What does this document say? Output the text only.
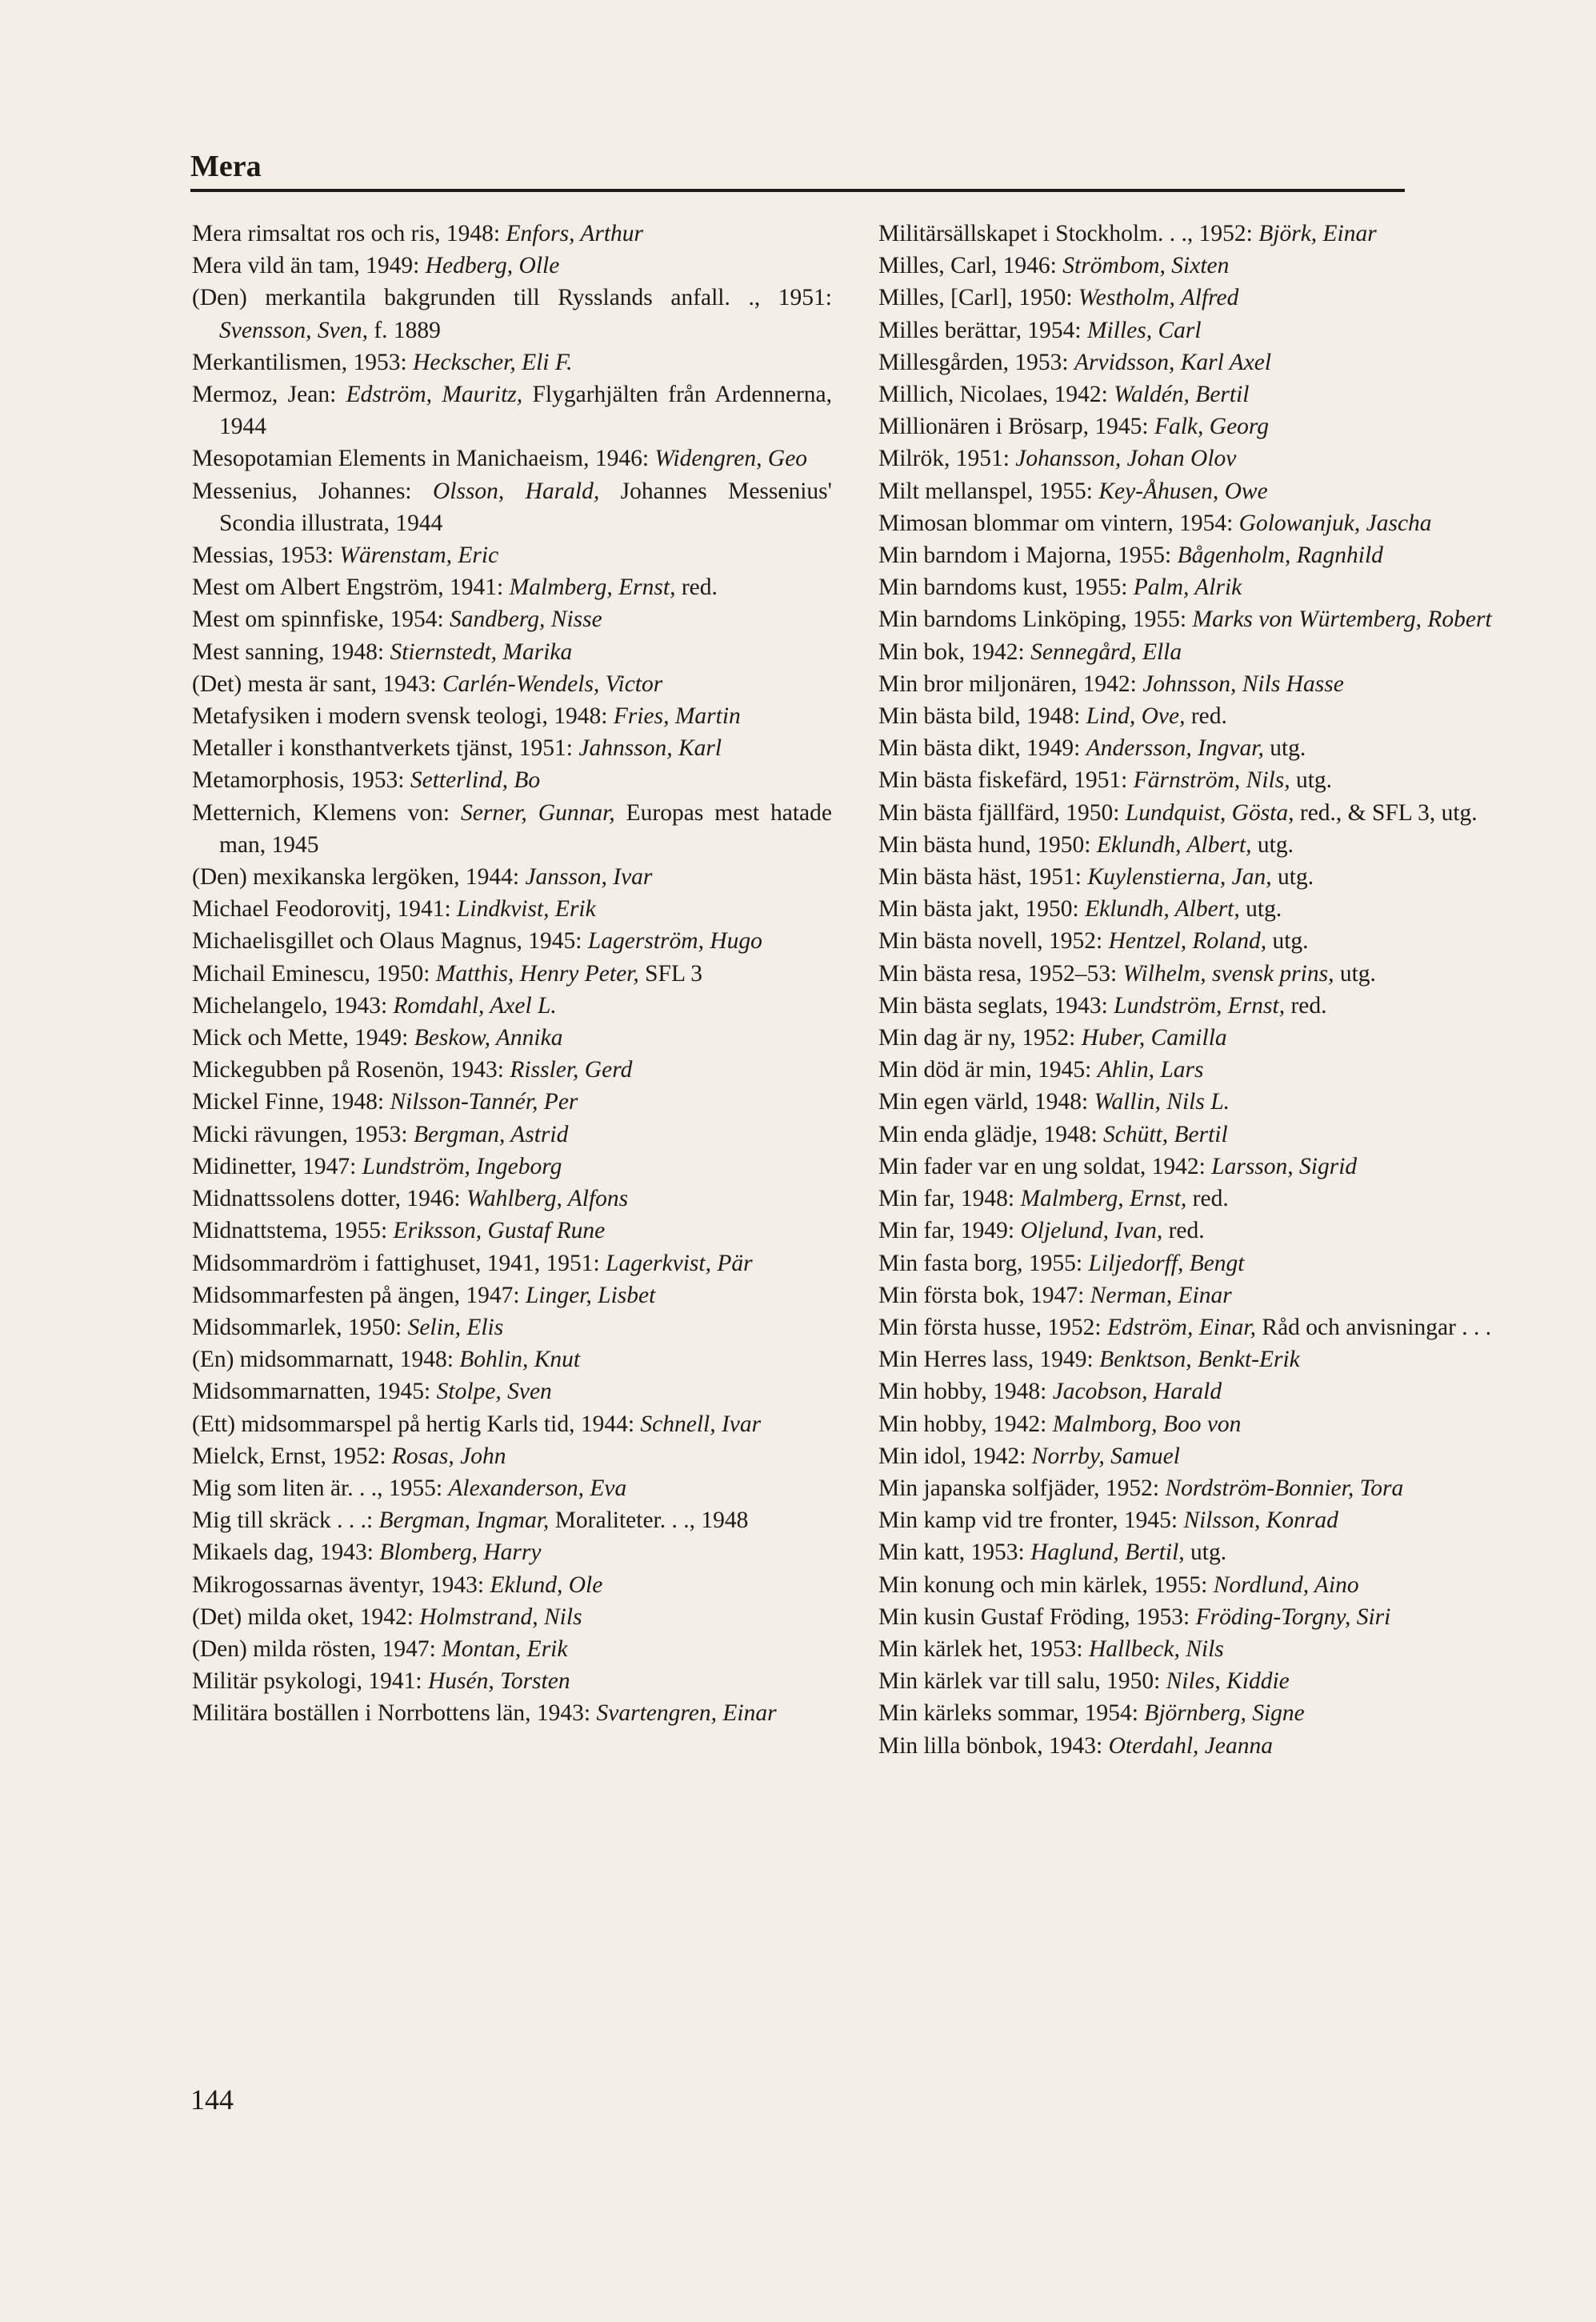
Mera
Mera rimsaltat ros och ris, 1948: Enfors, Arthur
Mera vild än tam, 1949: Hedberg, Olle
(Den) merkantila bakgrunden till Rysslands anfall. ., 1951: Svensson, Sven, f. 1889
Merkantilismen, 1953: Heckscher, Eli F.
Mermoz, Jean: Edström, Mauritz, Flygarhjälten från Ardennerna, 1944
Mesopotamian Elements in Manichaeism, 1946: Widengren, Geo
Messenius, Johannes: Olsson, Harald, Johannes Messenius' Scondia illustrata, 1944
Messias, 1953: Wärenstam, Eric
Mest om Albert Engström, 1941: Malmberg, Ernst, red.
Mest om spinnfiske, 1954: Sandberg, Nisse
Mest sanning, 1948: Stiernstedt, Marika
(Det) mesta är sant, 1943: Carlén-Wendels, Victor
Metafysiken i modern svensk teologi, 1948: Fries, Martin
Metaller i konsthantverkets tjänst, 1951: Jahnsson, Karl
Metamorphosis, 1953: Setterlind, Bo
Metternich, Klemens von: Serner, Gunnar, Europas mest hatade man, 1945
(Den) mexikanska lergöken, 1944: Jansson, Ivar
Michael Feodorovitj, 1941: Lindkvist, Erik
Michaelisgillet och Olaus Magnus, 1945: Lagerström, Hugo
Michail Eminescu, 1950: Matthis, Henry Peter, SFL 3
Michelangelo, 1943: Romdahl, Axel L.
Mick och Mette, 1949: Beskow, Annika
Mickegubben på Rosenön, 1943: Rissler, Gerd
Mickel Finne, 1948: Nilsson-Tannér, Per
Micki rävungen, 1953: Bergman, Astrid
Midinetter, 1947: Lundström, Ingeborg
Midnattssolens dotter, 1946: Wahlberg, Alfons
Midnattstema, 1955: Eriksson, Gustaf Rune
Midsommardröm i fattighuset, 1941, 1951: Lagerkvist, Pär
Midsommarfesten på ängen, 1947: Linger, Lisbet
Midsommarlek, 1950: Selin, Elis
(En) midsommarnatt, 1948: Bohlin, Knut
Midsommarnatten, 1945: Stolpe, Sven
(Ett) midsommarspel på hertig Karls tid, 1944: Schnell, Ivar
Mielck, Ernst, 1952: Rosas, John
Mig som liten är. . ., 1955: Alexanderson, Eva
Mig till skräck . . .: Bergman, Ingmar, Moraliteter. . ., 1948
Mikaels dag, 1943: Blomberg, Harry
Mikrogossarnas äventyr, 1943: Eklund, Ole
(Det) milda oket, 1942: Holmstrand, Nils
(Den) milda rösten, 1947: Montan, Erik
Militär psykologi, 1941: Husén, Torsten
Militära boställen i Norrbottens län, 1943: Svartengren, Einar
Militärsällskapet i Stockholm. . ., 1952: Björk, Einar
Milles, Carl, 1946: Strömbom, Sixten
Milles, [Carl], 1950: Westholm, Alfred
Milles berättar, 1954: Milles, Carl
Millesgården, 1953: Arvidsson, Karl Axel
Millich, Nicolaes, 1942: Waldén, Bertil
Millionären i Brösarp, 1945: Falk, Georg
Milrök, 1951: Johansson, Johan Olov
Milt mellanspel, 1955: Key-Åhusen, Owe
Mimosan blommar om vintern, 1954: Golowanjuk, Jascha
Min barndom i Majorna, 1955: Bågenholm, Ragnhild
Min barndoms kust, 1955: Palm, Alrik
Min barndoms Linköping, 1955: Marks von Würtemberg, Robert
Min bok, 1942: Sennegård, Ella
Min bror miljonären, 1942: Johnsson, Nils Hasse
Min bästa bild, 1948: Lind, Ove, red.
Min bästa dikt, 1949: Andersson, Ingvar, utg.
Min bästa fiskefärd, 1951: Färnström, Nils, utg.
Min bästa fjällfärd, 1950: Lundquist, Gösta, red., & SFL 3, utg.
Min bästa hund, 1950: Eklundh, Albert, utg.
Min bästa häst, 1951: Kuylenstierna, Jan, utg.
Min bästa jakt, 1950: Eklundh, Albert, utg.
Min bästa novell, 1952: Hentzel, Roland, utg.
Min bästa resa, 1952–53: Wilhelm, svensk prins, utg.
Min bästa seglats, 1943: Lundström, Ernst, red.
Min dag är ny, 1952: Huber, Camilla
Min död är min, 1945: Ahlin, Lars
Min egen värld, 1948: Wallin, Nils L.
Min enda glädje, 1948: Schütt, Bertil
Min fader var en ung soldat, 1942: Larsson, Sigrid
Min far, 1948: Malmberg, Ernst, red.
Min far, 1949: Oljelund, Ivan, red.
Min fasta borg, 1955: Liljedorff, Bengt
Min första bok, 1947: Nerman, Einar
Min första husse, 1952: Edström, Einar, Råd och anvisningar . . .
Min Herres lass, 1949: Benktson, Benkt-Erik
Min hobby, 1948: Jacobson, Harald
Min hobby, 1942: Malmborg, Boo von
Min idol, 1942: Norrby, Samuel
Min japanska solfjäder, 1952: Nordström-Bonnier, Tora
Min kamp vid tre fronter, 1945: Nilsson, Konrad
Min katt, 1953: Haglund, Bertil, utg.
Min konung och min kärlek, 1955: Nordlund, Aino
Min kusin Gustaf Fröding, 1953: Fröding-Torgny, Siri
Min kärlek het, 1953: Hallbeck, Nils
Min kärlek var till salu, 1950: Niles, Kiddie
Min kärleks sommar, 1954: Björnberg, Signe
Min lilla bönbok, 1943: Oterdahl, Jeanna
144
